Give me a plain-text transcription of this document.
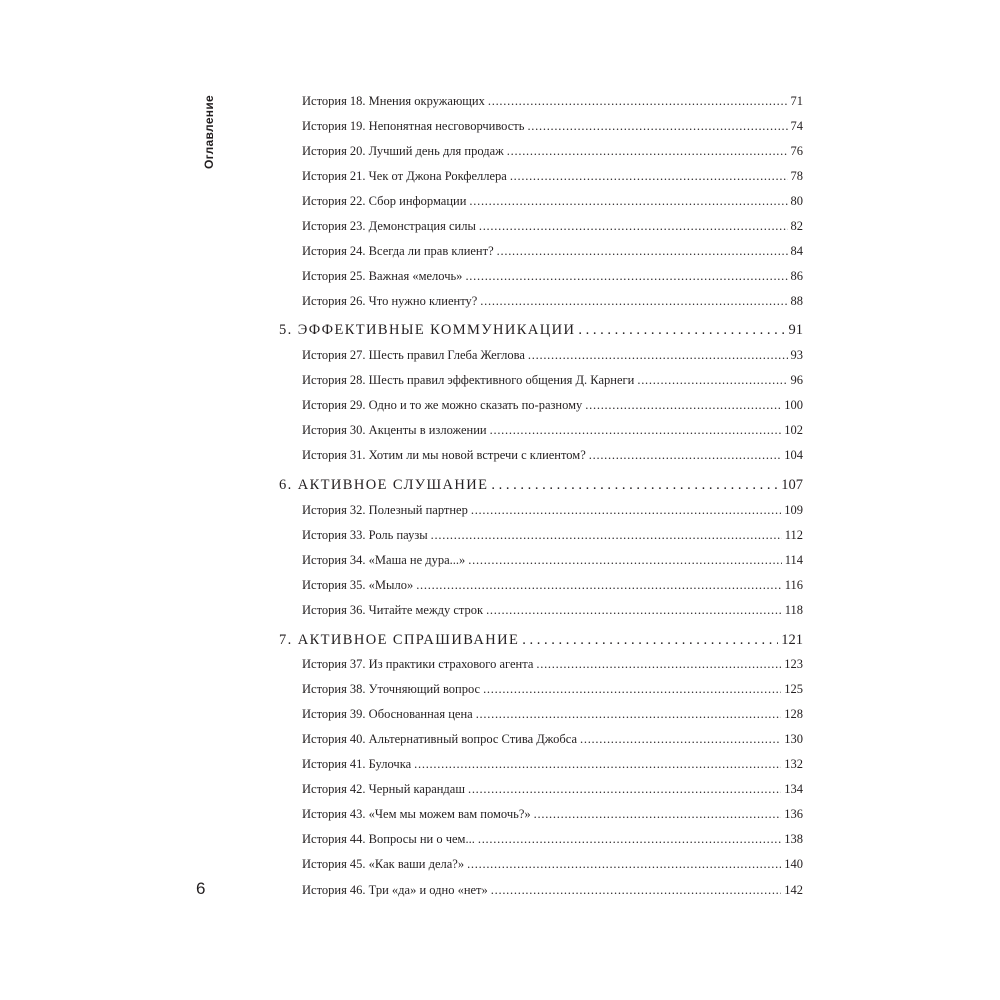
Оглавление	История 18. Мнения окружающих . . .	71
История 19. Непонятная несговорчивость . . .	74
История 20. Лучший день для продаж . . .	76
История 21. Чек от Джона Рокфеллера . . .	78
История 22. Сбор информации . . .	80
История 23. Демонстрация силы . . .	82
История 24. Всегда ли прав клиент? . . .	84
История 25. Важная «мелочь» . . .	86
История 26. Что нужно клиенту? . . .	88
5. ЭФФЕКТИВНЫЕ КОММУНИКАЦИИ . . .	91
История 27. Шесть правил Глеба Жеглова . . .	93
История 28. Шесть правил эффективного общения Д. Карнеги . . .	96
История 29. Одно и то же можно сказать по-разному . . .	100
История 30. Акценты в изложении . . .	102
История 31. Хотим ли мы новой встречи с клиентом? . . .	104
6. АКТИВНОЕ СЛУШАНИЕ . . .	107
История 32. Полезный партнер . . .	109
История 33. Роль паузы . . .	112
История 34. «Маша не дура...» . . .	114
История 35. «Мыло» . . .	116
История 36. Читайте между строк . . .	118
7. АКТИВНОЕ СПРАШИВАНИЕ . . .	121
История 37. Из практики страхового агента . . .	123
История 38. Уточняющий вопрос . . .	125
История 39. Обоснованная цена . . .	128
История 40. Альтернативный вопрос Стива Джобса . . .	130
История 41. Булочка . . .	132
История 42. Черный карандаш . . .	134
История 43. «Чем мы можем вам помочь?» . . .	136
История 44. Вопросы ни о чем... . . .	138
История 45. «Как ваши дела?» . . .	140
История 46. Три «да» и одно «нет» . . .	142
6
